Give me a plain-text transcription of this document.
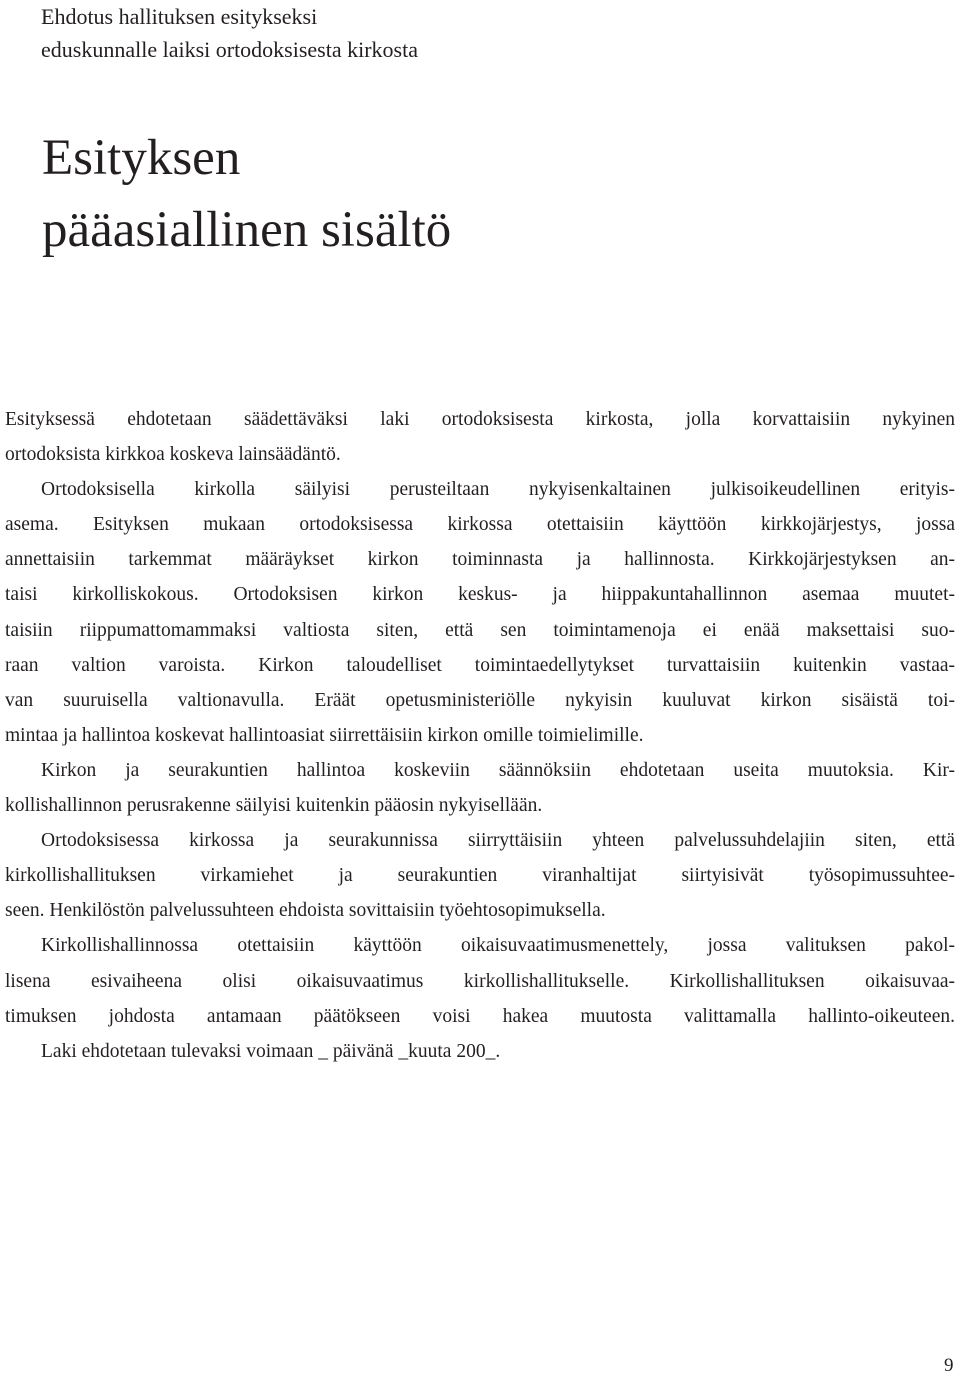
Ehdotus hallituksen esitykseksi
eduskunnalle laiksi ortodoksisesta kirkosta
Esityksen
pääasiallinen sisältö
Esityksessä ehdotetaan säädettäväksi laki ortodoksisesta kirkosta, jolla korvattaisiin nykyinen
ortodoksista kirkkoa koskeva lainsäädäntö.
Ortodoksisella kirkolla säilyisi perusteiltaan nykyisenkaltainen julkisoikeudellinen erityis-
asema. Esityksen mukaan ortodoksisessa kirkossa otettaisiin käyttöön kirkkojärjestys, jossa
annettaisiin tarkemmat määräykset kirkon toiminnasta ja hallinnosta. Kirkkojärjestyksen an-
taisi kirkolliskokous. Ortodoksisen kirkon keskus- ja hiippakuntahallinnon asemaa muutet-
taisiin riippumattomammaksi valtiosta siten, että sen toimintamenoja ei enää maksettaisi suo-
raan valtion varoista. Kirkon taloudelliset toimintaedellytykset turvattaisiin kuitenkin vastaa-
van suuruisella valtionavulla. Eräät opetusministeriölle nykyisin kuuluvat kirkon sisäistä toi-
mintaa ja hallintoa koskevat hallintoasiat siirrettäisiin kirkon omille toimielimille.
Kirkon ja seurakuntien hallintoa koskeviin säännöksiin ehdotetaan useita muutoksia. Kir-
kollishallinnon perusrakenne säilyisi kuitenkin pääosin nykyisellään.
Ortodoksisessa kirkossa ja seurakunnissa siirryttäisiin yhteen palvelussuhdelajiin siten, että
kirkollishallituksen virkamiehet ja seurakuntien viranhaltijat siirtyisivät työsopimussuhtee-
seen. Henkilöstön palvelussuhteen ehdoista sovittaisiin työehtosopimuksella.
Kirkollishallinnossa otettaisiin käyttöön oikaisuvaatimusmenettely, jossa valituksen pakol-
lisena esivaiheena olisi oikaisuvaatimus kirkollishallitukselle. Kirkollishallituksen oikaisuvaa-
timuksen johdosta antamaan päätökseen voisi hakea muutosta valittamalla hallinto-oikeuteen.
Laki ehdotetaan tulevaksi voimaan _ päivänä _kuuta 200_.
9
